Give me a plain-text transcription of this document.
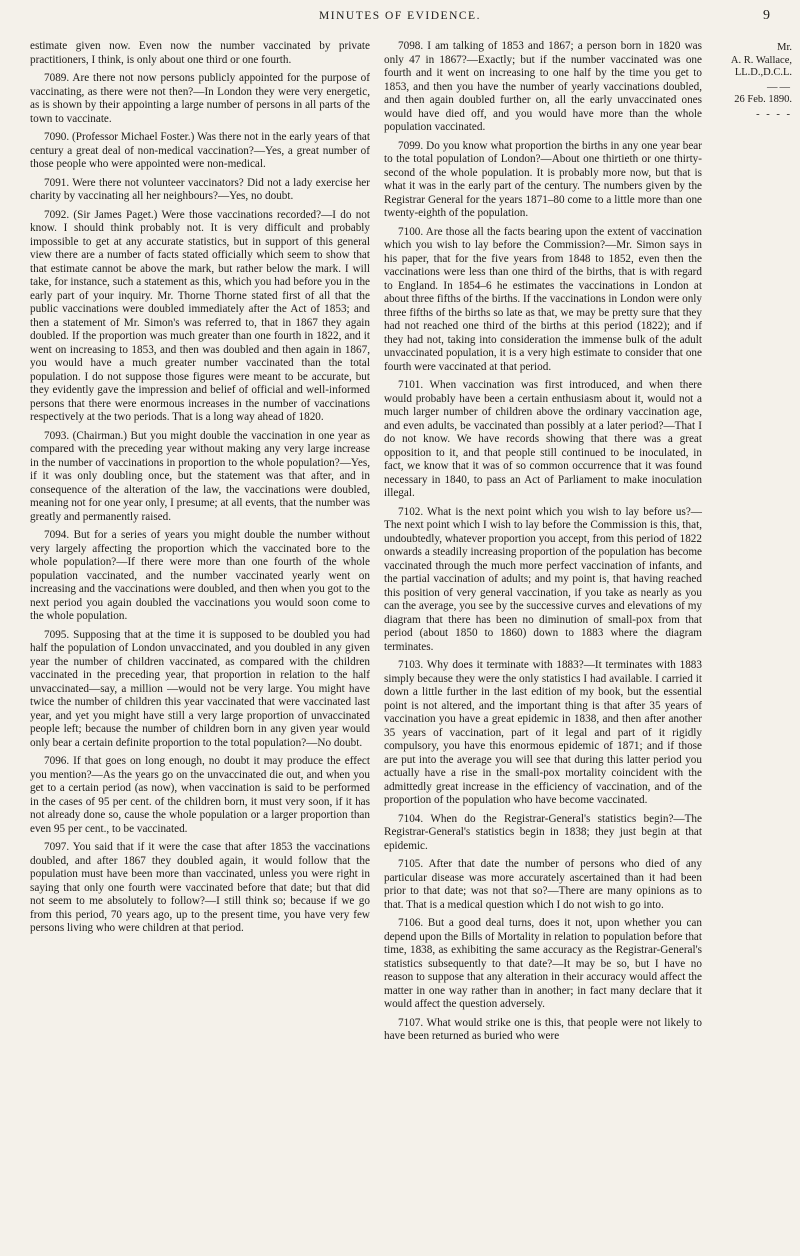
MINUTES OF EVIDENCE.	9

estimate given now. Even now the number vaccinated by private practitioners, I think, is only about one third or one fourth.

7089. Are there not now persons publicly appointed for the purpose of vaccinating, as there were not then?—In London they were very energetic, as is shown by their appointing a large number of persons in all parts of the town to vaccinate.

7090. (Professor Michael Foster.) Was there not in the early years of that century a great deal of non-medical vaccination?—Yes, a great number of those people who were appointed were non-medical.

7091. Were there not volunteer vaccinators? Did not a lady exercise her charity by vaccinating all her neighbours?—Yes, no doubt.

7092. (Sir James Paget.) Were those vaccinations recorded?—I do not know. I should think probably not. It is very difficult and probably impossible to get at any accurate statistics, but in support of this general view there are a number of facts stated officially which seem to show that that estimate cannot be above the mark, but rather below the mark. I will take, for instance, such a statement as this, which you had before you in the early part of your inquiry. Mr. Thorne Thorne stated first of all that the public vaccinations were doubled immediately after the Act of 1853; and then a statement of Mr. Simon's was referred to, that in 1867 they again doubled. If the proportion was much greater than one fourth in 1822, and it went on increasing to 1853, and then was doubled and then again in 1867, you would have a much greater number vaccinated than the total population. I do not suppose those figures were meant to be accurate, but they evidently gave the impression and belief of official and well-informed persons that there were enormous increases in the number of vaccinations respectively at the two periods. That is a long way ahead of 1820.

7093. (Chairman.) But you might double the vaccination in one year as compared with the preceding year without making any very large increase in the number of vaccinations in proportion to the whole population?—Yes, if it was only doubling once, but the statement was that after, and in consequence of the alteration of the law, the vaccinations were doubled, meaning not for one year only, I presume; at all events, that the number was greatly and permanently raised.

7094. But for a series of years you might double the number without very largely affecting the proportion which the vaccinated bore to the whole population?—If there were more than one fourth of the whole population vaccinated, and the number vaccinated yearly went on increasing and the vaccinations were doubled, and then when you got to the next period you again doubled the vaccinations you would soon come to the whole population.

7095. Supposing that at the time it is supposed to be doubled you had half the population of London unvaccinated, and you doubled in any given year the number of children vaccinated, as compared with the children vaccinated in the preceding year, that proportion in relation to the half unvaccinated—say, a million —would not be very large. You might have twice the number of children this year vaccinated that were vaccinated last year, and yet you might have still a very large proportion of unvaccinated people left; because the number of children born in any given year would only bear a certain definite proportion to the total population?—No doubt.

7096. If that goes on long enough, no doubt it may produce the effect you mention?—As the years go on the unvaccinated die out, and when you get to a certain period (as now), when vaccination is said to be performed in the cases of 95 per cent. of the children born, it must very soon, if it has not already done so, cause the whole population or a larger proportion than even 95 per cent., to be vaccinated.

7097. You said that if it were the case that after 1853 the vaccinations doubled, and after 1867 they doubled again, it would follow that the population must have been more than vaccinated, unless you were right in saying that only one fourth were vaccinated before that date; but that did not seem to me absolutely to follow?—I still think so; because if we go from this period, 70 years ago, up to the present time, you have very few persons living who were children at that period.

7098. I am talking of 1853 and 1867; a person born in 1820 was only 47 in 1867?—Exactly; but if the number vaccinated was one fourth and it went on increasing to one half by the time you get to 1853, and then you have the number of yearly vaccinations doubled, and then again doubled further on, all the early unvaccinated ones would have died off, and you would have more than the whole population vaccinated.

7099. Do you know what proportion the births in any one year bear to the total population of London?—About one thirtieth or one thirty-second of the whole population. It is probably more now, but that is what it was in the early part of the century. The numbers given by the Registrar General for the years 1871–80 come to a little more than one twenty-eighth of the population.

7100. Are those all the facts bearing upon the extent of vaccination which you wish to lay before the Commission?—Mr. Simon says in his paper, that for the five years from 1848 to 1852, even then the vaccinations were less than one third of the births, that is with regard to England. In 1854–6 he estimates the vaccinations in London at about three fifths of the births. If the vaccinations in London were only three fifths of the births so late as that, we may be pretty sure that they had not reached one third of the births at this period (1822); and if they had not, taking into consideration the immense bulk of the adult unvaccinated population, it is a very high estimate to consider that one fourth were vaccinated at that period.

7101. When vaccination was first introduced, and when there would probably have been a certain enthusiasm about it, would not a much larger number of children above the ordinary vaccination age, and even adults, be vaccinated than possibly at a later period?—That I do not know. We have records showing that there was a great opposition to it, and that people still continued to be inoculated, in fact, we know that it was of so common occurrence that it was found necessary in 1840, to pass an Act of Parliament to make inoculation illegal.

7102. What is the next point which you wish to lay before us?—The next point which I wish to lay before the Commission is this, that, undoubtedly, whatever proportion you accept, from this period of 1822 onwards a steadily increasing proportion of the population has become vaccinated through the much more perfect vaccination of infants, and the partial vaccination of adults; and my point is, that having reached this position of very general vaccination, if you take as nearly as you can the average, you see by the successive curves and elevations of my diagram that there has been no diminution of small-pox from that period (about 1850 to 1860) down to 1883 where the diagram terminates.

7103. Why does it terminate with 1883?—It terminates with 1883 simply because they were the only statistics I had available. I carried it down a little further in the last edition of my book, but the essential point is not altered, and the important thing is that after 35 years of vaccination you have a great epidemic in 1838, and then after another 35 years of vaccination, part of it legal and part of it rigidly compulsory, you have this enormous epidemic of 1871; and if those are put into the average you will see that during this latter period you actually have a rise in the small-pox mortality coincident with the admittedly great increase in the efficiency of vaccination, and of the proportion of the population who have become vaccinated.

7104. When do the Registrar-General's statistics begin?—The Registrar-General's statistics begin in 1838; they just begin at that epidemic.

7105. After that date the number of persons who died of any particular disease was more accurately ascertained than it had been prior to that date; was not that so?—There are many opinions as to that. That is a medical question which I do not wish to go into.

7106. But a good deal turns, does it not, upon whether you can depend upon the Bills of Mortality in relation to population before that time, 1838, as exhibiting the same accuracy as the Registrar-General's statistics subsequently to that date?—It may be so, but I have no reason to suppose that any alteration in their accuracy would affect the matter in one way rather than in another; in fact many declare that it would affect the question adversely.

7107. What would strike one is this, that people were not likely to have been returned as buried who were

Mr.
A. R. Wallace,
LL.D.,D.C.L.
——
26 Feb. 1890.
- - - -
